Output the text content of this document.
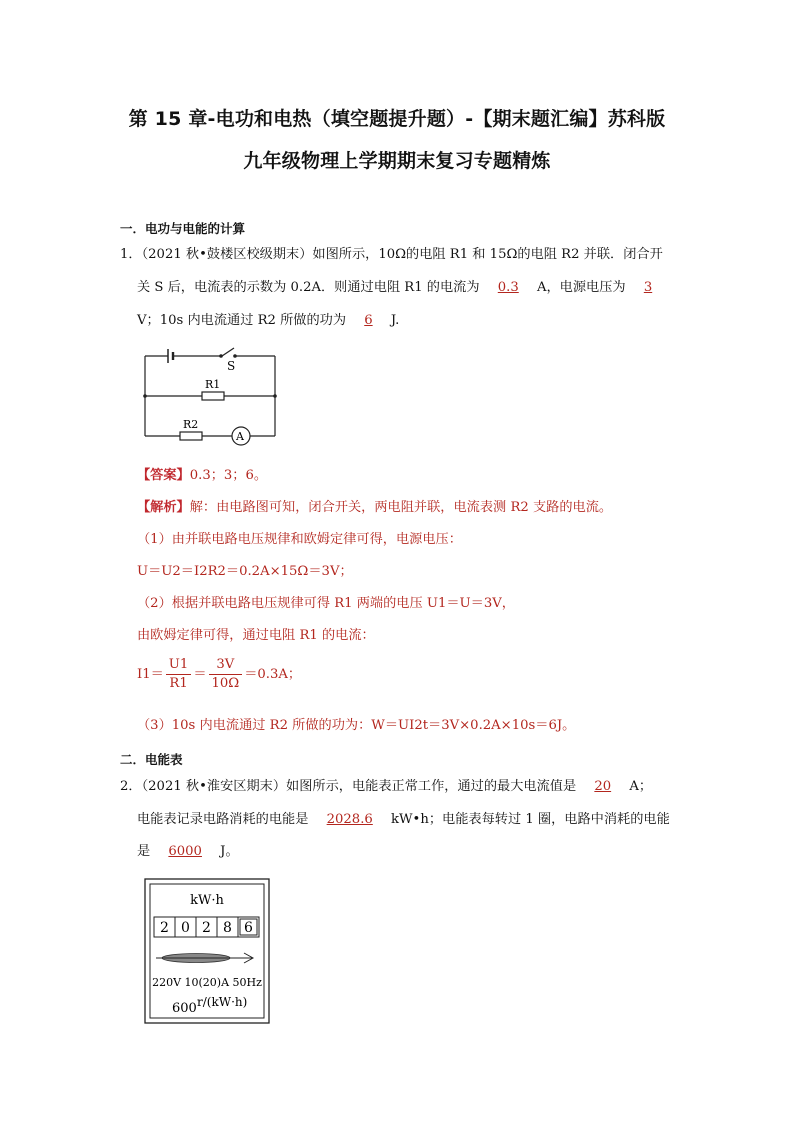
第 15 章-电功和电热（填空题提升题）-【期末题汇编】苏科版
九年级物理上学期期末复习专题精炼
一．电功与电能的计算
1．（2021 秋•鼓楼区校级期末）如图所示，10Ω的电阻 R1 和 15Ω的电阻 R2 并联．闭合开
关 S 后，电流表的示数为 0.2A．则通过电阻 R1 的电流为 0.3 A，电源电压为 3
V；10s 内电流通过 R2 所做的功为 6 J.
S
R1
R2
A
【答案】0.3；3；6。
【解析】解：由电路图可知，闭合开关，两电阻并联，电流表测 R2 支路的电流。
（1）由并联电路电压规律和欧姆定律可得，电源电压：
U＝U2＝I2R2＝0.2A×15Ω＝3V；
（2）根据并联电路电压规律可得 R1 两端的电压 U1＝U＝3V，
由欧姆定律可得，通过电阻 R1 的电流：
$I1= \frac{U1}{R1} = \frac{3V}{10\Omega} =0.3A$；
（3）10s 内电流通过 R2 所做的功为：W＝UI2t＝3V×0.2A×10s＝6J。
二．电能表
2．（2021 秋•淮安区期末）如图所示，电能表正常工作，通过的最大电流值是 20 A；
电能表记录电路消耗的电能是 2028.6 kW•h；电能表每转过 1 圈，电路中消耗的电能
是 6000 J。
kW·h
2 0 2 8 6
220V 10(20)A 50Hz
600 r/(kW·h)
